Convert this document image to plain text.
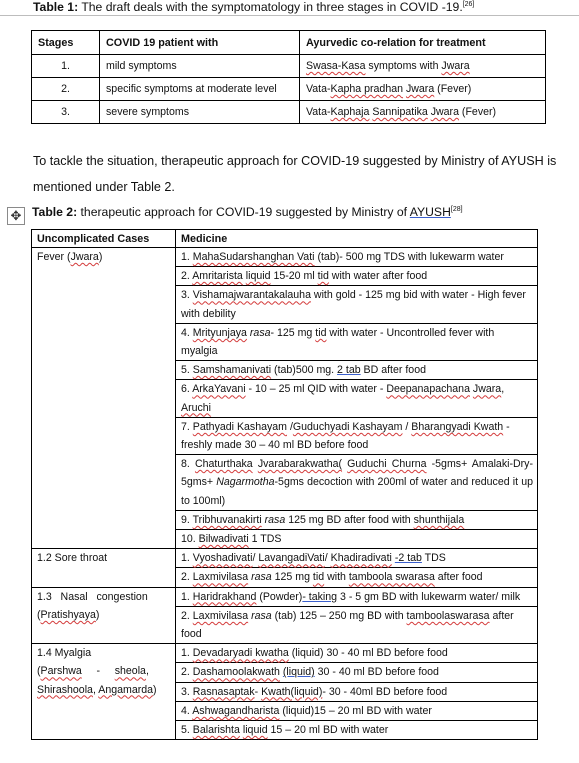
Table 1: The draft deals with the symptomatology in three stages in COVID -19.[26]
Stages	COVID 19 patient with	Ayurvedic co-relation for treatment
1.	mild symptoms	Swasa-Kasa symptoms with Jwara
2.	specific symptoms at moderate level	Vata-Kapha pradhan Jwara (Fever)
3.	severe symptoms	Vata-Kaphaja Sannipatika Jwara (Fever)
To tackle the situation, therapeutic approach for COVID-19 suggested by Ministry of AYUSH is
mentioned under Table 2.
✥ Table 2: therapeutic approach for COVID-19 suggested by Ministry of AYUSH[28]
Uncomplicated Cases	Medicine
Fever (Jwara)	1. MahaSudarshanghan Vati (tab)- 500 mg TDS with lukewarm water
	2. Amritarista liquid 15-20 ml tid with water after food
	3. Vishamajwarantakalauha with gold - 125 mg bid with water - High fever with debility
	4. Mrityunjaya rasa- 125 mg tid with water - Uncontrolled fever with myalgia
	5. Samshamanivati (tab)500 mg. 2 tab BD after food
	6. ArkaYavani - 10 – 25 ml QID with water - Deepanapachana Jwara, Aruchi
	7. Pathyadi Kashayam /Guduchyadi Kashayam / Bharangyadi Kwath - freshly made 30 – 40 ml BD before food
	8. Chaturthaka Jvarabarakwatha( Guduchi Churna -5gms+ Amalaki-Dry-5gms+ Nagarmotha-5gms decoction with 200ml of water and reduced it up to 100ml)
	9. Tribhuvanakirti rasa 125 mg BD after food with shunthijala
	10. Bilwadivati 1 TDS
1.2 Sore throat	1. Vyoshadivati/ LavangadiVati/ Khadiradivati -2 tab TDS
	2. Laxmivilasa rasa 125 mg tid with tamboola swarasa after food

1.3   Nasal   congestion
(Pratishyaya)	1. Haridrakhand (Powder)- taking 3 - 5 gm BD with lukewarm water/ milk
	2. Laxmivilasa rasa (tab) 125 – 250 mg BD with tamboolaswarasa after food

1.4 Myalgia
(Parshwa     -     sheola,
Shirashoola, Angamarda)	1. Devadaryadi kwatha (liquid) 30 - 40 ml BD before food
	2. Dashamoolakwath (liquid) 30 - 40 ml BD before food
	3. Rasnasaptak- Kwath(liquid)- 30 - 40ml BD before food
	4. Ashwagandharista (liquid)15 – 20 ml BD with water
	5. Balarishta liquid 15 – 20 ml BD with water
